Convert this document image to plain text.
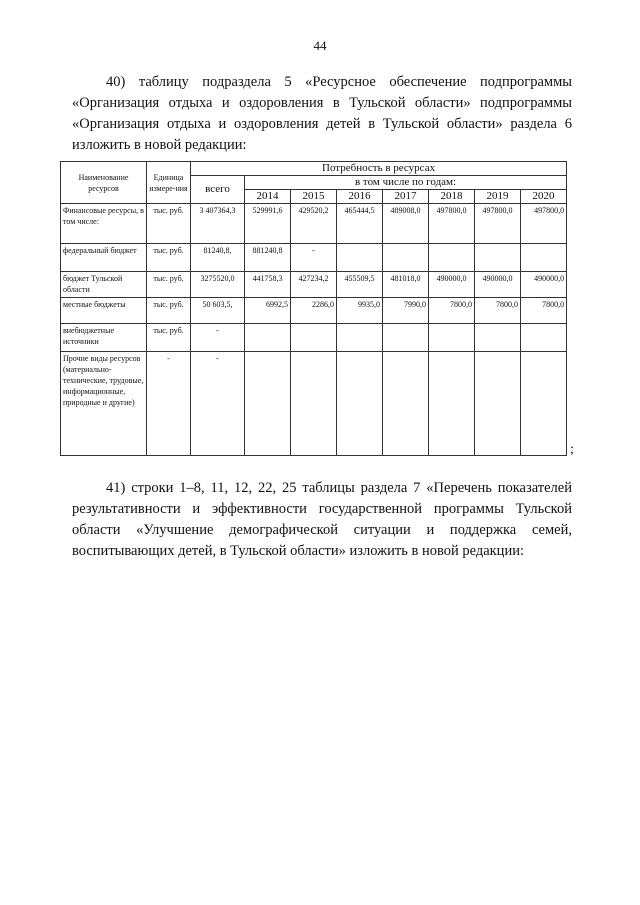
44
40) таблицу подраздела 5 «Ресурсное обеспечение подпрограммы «Организация отдыха и оздоровления в Тульской области» подпрограммы «Организация отдыха и оздоровления детей в Тульской области» раздела 6 изложить в новой редакции:
Наименование ресурсов	Единица измере-ния	Потребность в ресурсах							
		всего	в том числе по годам:						
			2014	2015	2016	2017	2018	2019	2020
Финансовые ресурсы, в том числе:	тыс. руб.	3 407364,3	529991,6	429520,2	465444,5	489008,0	497800,0	497800,0	497800,0
федеральный бюджет	тыс. руб.	81240,8,	881240,8	-					
бюджет Тульской области	тыс. руб.	3275520,0	441758,3	427234,2	455509,5	481018,0	490000,0	490000,0	490000,0
местные бюджеты	тыс. руб.	50 603,5,	6992,5	2286,0	9935,0	7990,0	7800,0	7800,0	7800,0
внебюджетные источники	тыс. руб.	-							
Прочие виды ресурсов (материально-технические, трудовые, информационные, природные и другие)	-	-							
;
41) строки 1–8, 11, 12, 22, 25 таблицы раздела 7 «Перечень показателей результативности и эффективности государственной программы Тульской области «Улучшение демографической ситуации и поддержка семей, воспитывающих детей, в Тульской области» изложить в новой редакции:
